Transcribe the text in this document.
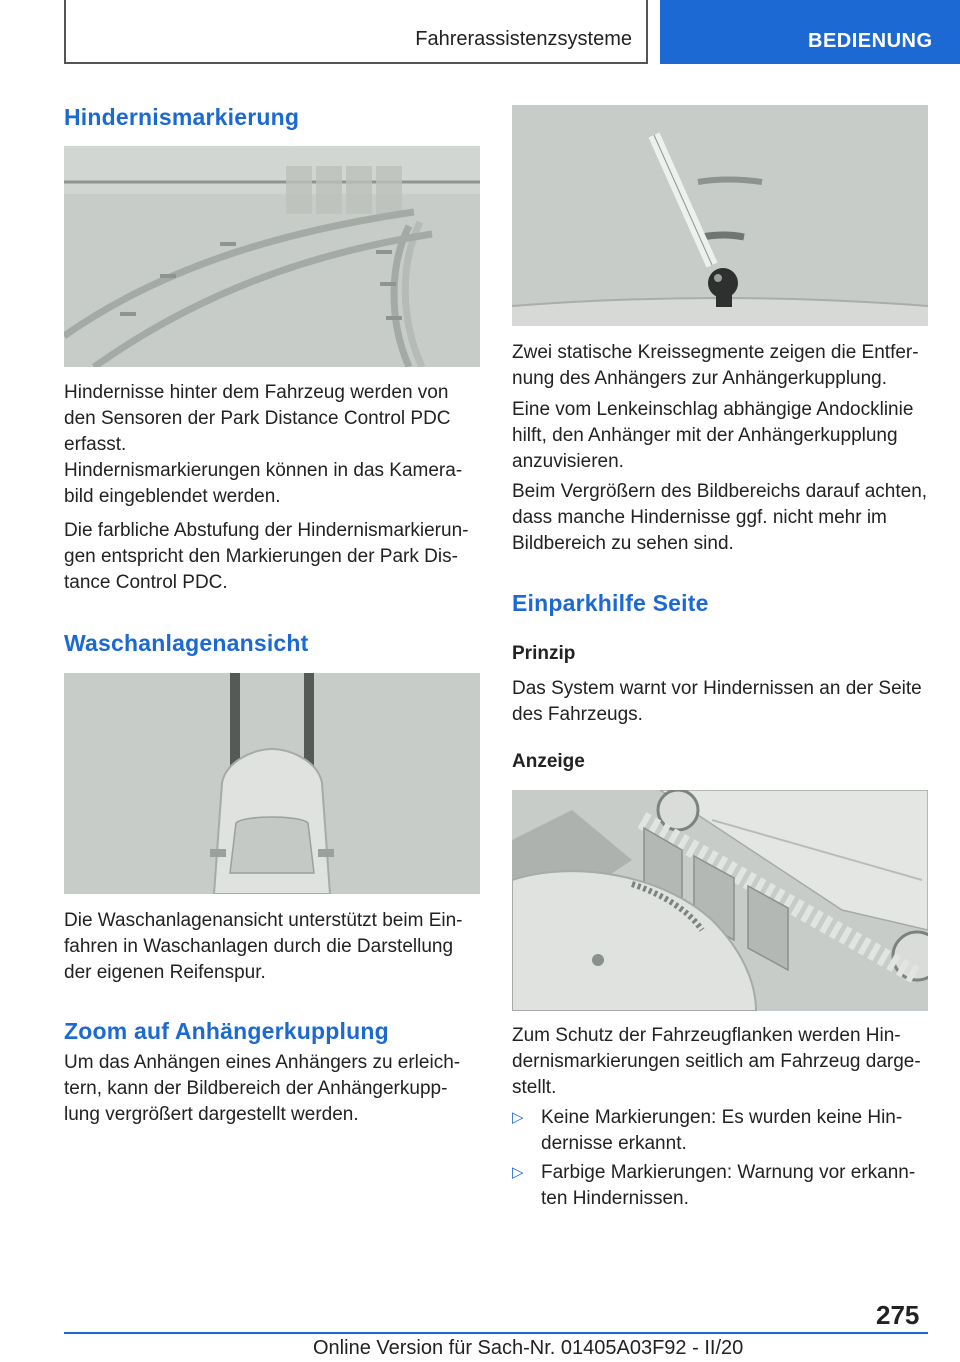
Fahrerassistenzsysteme	BEDIENUNG
Hindernismarkierung

Hindernisse hinter dem Fahrzeug werden von den Sensoren der Park Distance Control PDC erfasst.

Hindernismarkierungen können in das Kamera‐bild eingeblendet werden.

Die farbliche Abstufung der Hindernismarkierun‐gen entspricht den Markierungen der Park Dis‐tance Control PDC.

Waschanlagenansicht

Die Waschanlagenansicht unterstützt beim Ein‐fahren in Waschanlagen durch die Darstellung der eigenen Reifenspur.

Zoom auf Anhängerkupplung

Um das Anhängen eines Anhängers zu erleich‐tern, kann der Bildbereich der Anhängerkupp‐lung vergrößert dargestellt werden.

Zwei statische Kreissegmente zeigen die Entfer‐nung des Anhängers zur Anhängerkupplung.

Eine vom Lenkeinschlag abhängige Andocklinie hilft, den Anhänger mit der Anhängerkupplung anzuvisieren.

Beim Vergrößern des Bildbereichs darauf achten, dass manche Hindernisse ggf. nicht mehr im Bildbereich zu sehen sind.

Einparkhilfe Seite
Prinzip

Das System warnt vor Hindernissen an der Seite des Fahrzeugs.

Anzeige

Zum Schutz der Fahrzeugflanken werden Hin‐dernismarkierungen seitlich am Fahrzeug darge‐stellt.

▷ Keine Markierungen: Es wurden keine Hin‐dernisse erkannt.
▷ Farbige Markierungen: Warnung vor erkann‐ten Hindernissen.
275
Online Version für Sach-Nr. 01405A03F92 - II/20
